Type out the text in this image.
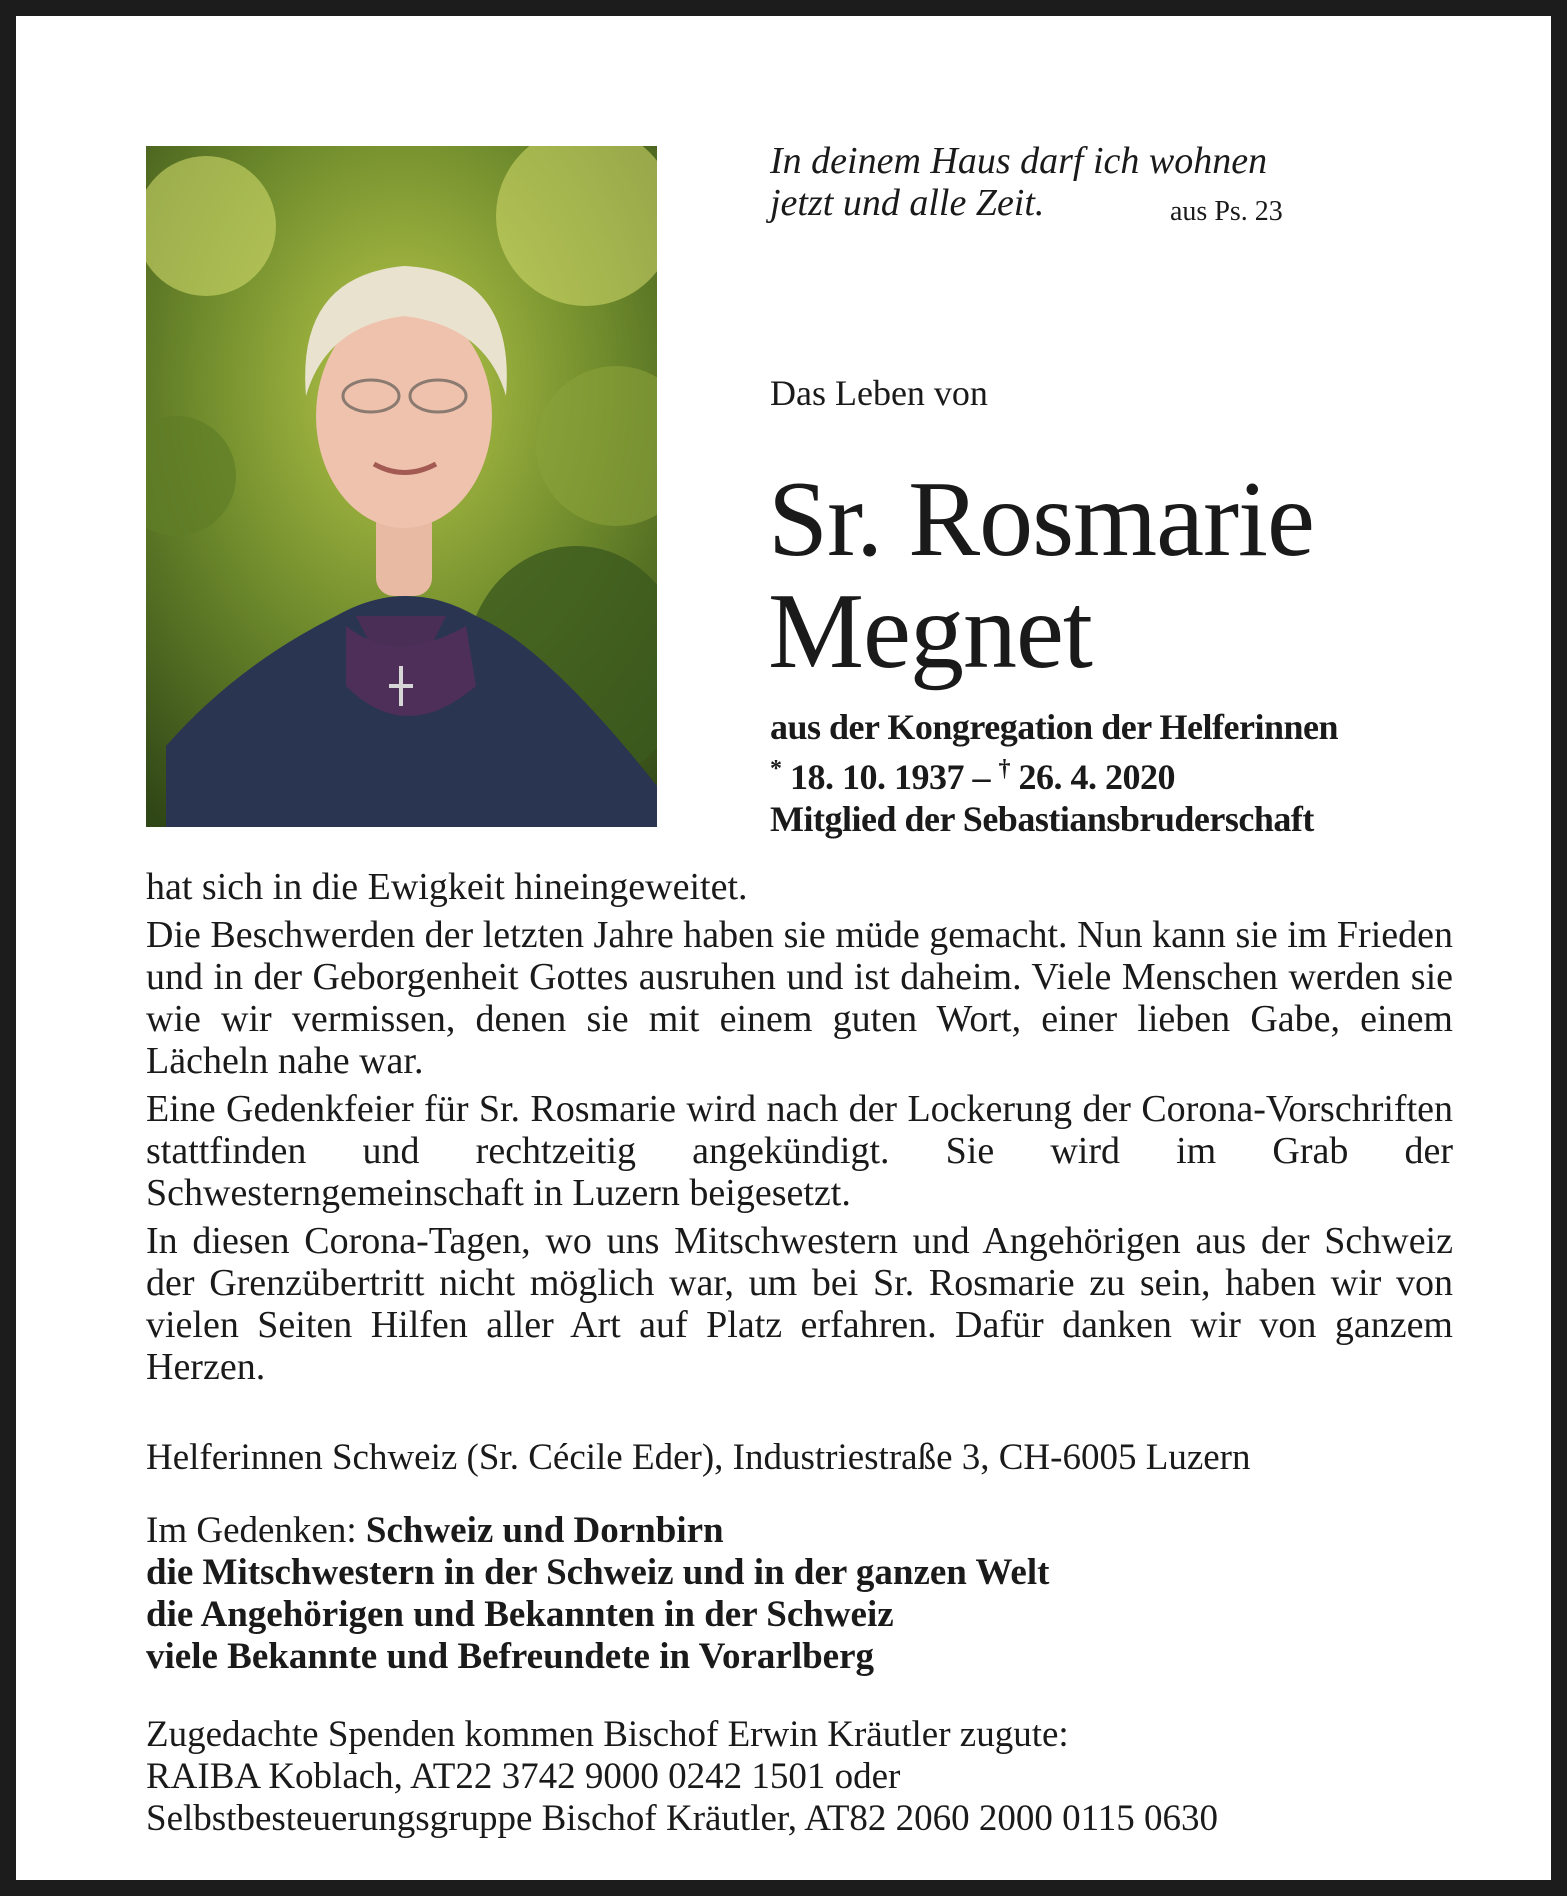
In deinem Haus darf ich wohnen
jetzt und alle Zeit.	aus Ps. 23
Das Leben von
Sr. Rosmarie
Megnet
aus der Kongregation der Helferinnen
* 18. 10. 1937 – † 26. 4. 2020
Mitglied der Sebastiansbruderschaft

hat sich in die Ewigkeit hineingeweitet.

Die Beschwerden der letzten Jahre haben sie müde gemacht. Nun kann sie im Frieden und in der Geborgenheit Gottes ausruhen und ist daheim. Viele Menschen werden sie wie wir vermissen, denen sie mit einem guten Wort, einer lieben Gabe, einem Lächeln nahe war.

Eine Gedenkfeier für Sr. Rosmarie wird nach der Lockerung der Corona-Vorschriften stattfinden und rechtzeitig angekündigt. Sie wird im Grab der Schwesterngemeinschaft in Luzern beigesetzt.

In diesen Corona-Tagen, wo uns Mitschwestern und Angehörigen aus der Schweiz der Grenzübertritt nicht möglich war, um bei Sr. Rosmarie zu sein, haben wir von vielen Seiten Hilfen aller Art auf Platz erfahren. Dafür danken wir von ganzem Herzen.

Helferinnen Schweiz (Sr. Cécile Eder), Industriestraße 3, CH-6005 Luzern
Im Gedenken: Schweiz und Dornbirn
die Mitschwestern in der Schweiz und in der ganzen Welt
die Angehörigen und Bekannten in der Schweiz
viele Bekannte und Befreundete in Vorarlberg
Zugedachte Spenden kommen Bischof Erwin Kräutler zugute:
RAIBA Koblach, AT22 3742 9000 0242 1501 oder
Selbstbesteuerungsgruppe Bischof Kräutler, AT82 2060 2000 0115 0630
